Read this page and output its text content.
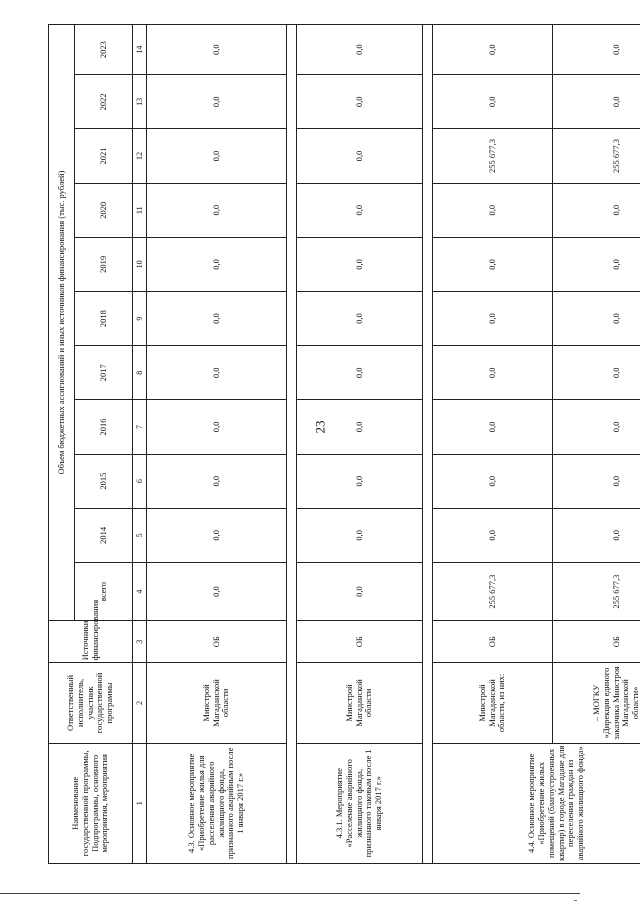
23
Наименование государственной программы, Подпрограммы, основного мероприятия, мероприятия	Ответственный исполнитель, участник государственной программы	Источники финансирования	Объем бюджетных ассигнований и иных источников финансирования (тыс. рублей)										
			всего	2014	2015	2016	2017	2018	2019	2020	2021	2022	2023
1	2	3	4	5	6	7	8	9	10	11	12	13	14
4.3. Основное мероприятие «Приобретение жилья для расселения аварийного жилищного фонда, признанного аварийным после 1 января 2017 г.»	Минстрой Магаданской области	ОБ	0,0	0,0	0,0	0,0	0,0	0,0	0,0	0,0	0,0	0,0	0,0

4.3.1. Мероприятие «Расселение аварийного жилищного фонда, признанного таковым после 1 января 2017 г.»	Минстрой Магаданской области	ОБ	0,0	0,0	0,0	0,0	0,0	0,0	0,0	0,0	0,0	0,0	0,0

4.4. Основное мероприятие «Приобретение жилых помещений (благоустроенных квартир) в городе Магадане для переселения граждан из аварийного жилищного фонда»	Минстрой Магаданской области, из них:	ОБ	255 677,3	0,0	0,0	0,0	0,0	0,0	0,0	0,0	255 677,3	0,0	0,0
	– МОГКУ «Дирекция единого заказчика Минстроя Магаданской области»	ОБ	255 677,3	0,0	0,0	0,0	0,0	0,0	0,0	0,0	255 677,3	0,0	0,0
